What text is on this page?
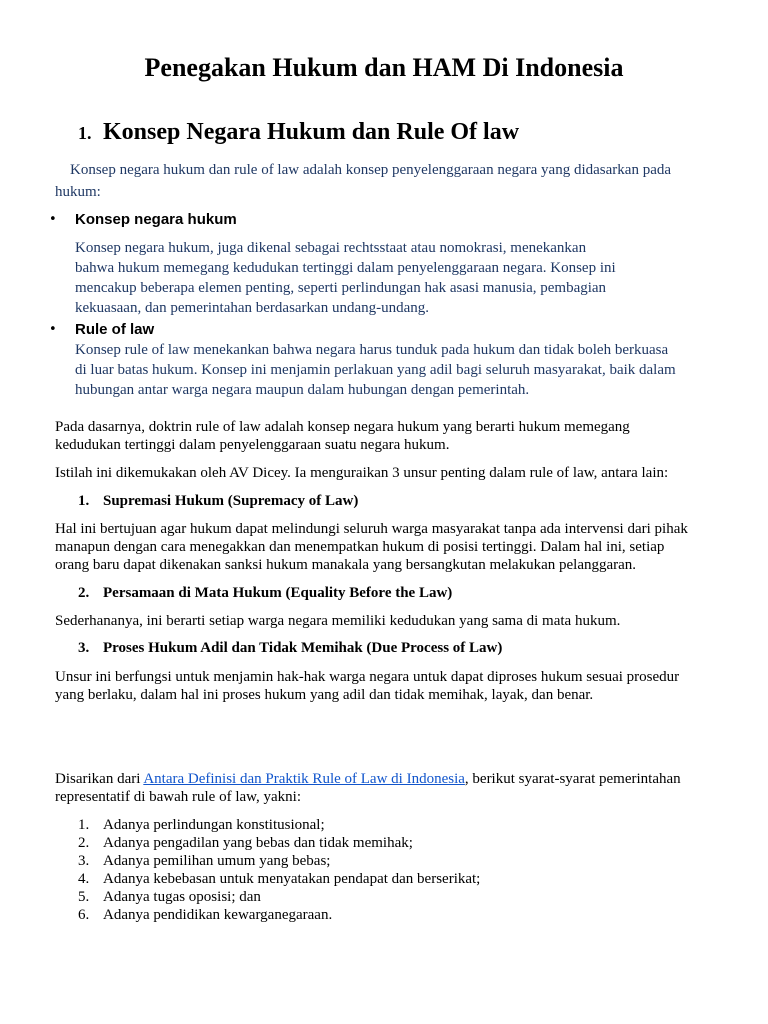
Penegakan Hukum dan HAM Di Indonesia
1. Konsep Negara Hukum dan Rule Of law
Konsep negara hukum dan rule of law adalah konsep penyelenggaraan negara yang didasarkan pada
hukum:
• Konsep negara hukum
Konsep negara hukum, juga dikenal sebagai rechtsstaat atau nomokrasi, menekankan
bahwa hukum memegang kedudukan tertinggi dalam penyelenggaraan negara. Konsep ini
mencakup beberapa elemen penting, seperti perlindungan hak asasi manusia, pembagian
kekuasaan, dan pemerintahan berdasarkan undang-undang.
• Rule of law
Konsep rule of law menekankan bahwa negara harus tunduk pada hukum dan tidak boleh berkuasa
di luar batas hukum. Konsep ini menjamin perlakuan yang adil bagi seluruh masyarakat, baik dalam
hubungan antar warga negara maupun dalam hubungan dengan pemerintah.
Pada dasarnya, doktrin rule of law adalah konsep negara hukum yang berarti hukum memegang
kedudukan tertinggi dalam penyelenggaraan suatu negara hukum.
Istilah ini dikemukakan oleh AV Dicey. Ia menguraikan 3 unsur penting dalam rule of law, antara lain:
1. Supremasi Hukum (Supremacy of Law)
Hal ini bertujuan agar hukum dapat melindungi seluruh warga masyarakat tanpa ada intervensi dari pihak
manapun dengan cara menegakkan dan menempatkan hukum di posisi tertinggi. Dalam hal ini, setiap
orang baru dapat dikenakan sanksi hukum manakala yang bersangkutan melakukan pelanggaran.
2. Persamaan di Mata Hukum (Equality Before the Law)
Sederhananya, ini berarti setiap warga negara memiliki kedudukan yang sama di mata hukum.
3. Proses Hukum Adil dan Tidak Memihak (Due Process of Law)
Unsur ini berfungsi untuk menjamin hak-hak warga negara untuk dapat diproses hukum sesuai prosedur
yang berlaku, dalam hal ini proses hukum yang adil dan tidak memihak, layak, dan benar.
Disarikan dari Antara Definisi dan Praktik Rule of Law di Indonesia, berikut syarat-syarat pemerintahan
representatif di bawah rule of law, yakni:
1. Adanya perlindungan konstitusional;
2. Adanya pengadilan yang bebas dan tidak memihak;
3. Adanya pemilihan umum yang bebas;
4. Adanya kebebasan untuk menyatakan pendapat dan berserikat;
5. Adanya tugas oposisi; dan
6. Adanya pendidikan kewarganegaraan.
